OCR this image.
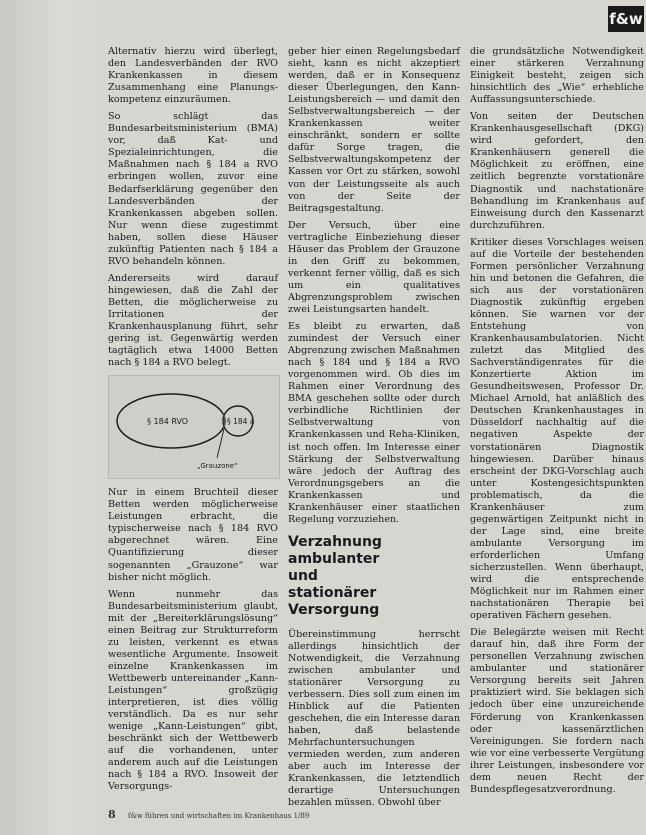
f&w

Alternativ hierzu wird überlegt, den Landesverbänden der RVO Krankenkassen in diesem Zusammenhang eine Planungs-kompetenz einzuräumen.

So schlägt das Bundesarbeitsministerium (BMA) vor, daß Kat- und Spezialeinrichtungen, die Maßnahmen nach § 184 a RVO erbringen wollen, zuvor eine Bedarfserklärung gegenüber den Landesverbänden der Krankenkassen abgeben sollen. Nur wenn diese zugestimmt haben, sollen diese Häuser zukünftig Patienten nach § 184 a RVO behandeln können.

Andererseits wird darauf hingewiesen, daß die Zahl der Betten, die möglicherweise zu Irritationen der Krankenhausplanung führt, sehr gering ist. Gegenwärtig werden tagtäglich etwa 14000 Betten nach § 184 a RVO belegt.

§ 184 RVO	§ 184 a
„Grauzone“

Nur in einem Bruchteil dieser Betten werden möglicherweise Leistungen erbracht, die typischerweise nach § 184 RVO abgerechnet wären. Eine Quantifizierung dieser sogenannten „Grauzone“ war bisher nicht möglich.

Wenn nunmehr das Bundesarbeitsministerium glaubt, mit der „Bereiterklärungslösung“ einen Beitrag zur Strukturreform zu leisten, verkennt es etwas wesentliche Argumente. Insoweit einzelne Krankenkassen im Wettbewerb untereinander „Kann-Leistungen“ großzügig interpretieren, ist dies völlig verständlich. Da es nur sehr wenige „Kann-Leistungen“ gibt, beschränkt sich der Wettbewerb auf die vorhandenen, unter anderem auch auf die Leistungen nach § 184 a RVO. Insoweit der Versorgungs-

geber hier einen Regelungsbedarf sieht, kann es nicht akzeptiert werden, daß er in Konsequenz dieser Überlegungen, den Kann-Leistungsbereich — und damit den Selbstverwaltungsbereich — der Krankenkassen weiter einschränkt, sondern er sollte dafür Sorge tragen, die Selbstverwaltungskompetenz der Kassen vor Ort zu stärken, sowohl von der Leistungsseite als auch von der Seite der Beitragsgestaltung.

Der Versuch, über eine vertragliche Einbeziehung dieser Häuser das Problem der Grauzone in den Griff zu bekommen, verkennt ferner völlig, daß es sich um ein qualitatives Abgrenzungsproblem zwischen zwei Leistungsarten handelt.

Es bleibt zu erwarten, daß zumindest der Versuch einer Abgrenzung zwischen Maßnahmen nach § 184 und § 184 a RVO vorgenommen wird. Ob dies im Rahmen einer Verordnung des BMA geschehen sollte oder durch verbindliche Richtlinien der Selbstverwaltung von Krankenkassen und Reha-Kliniken, ist noch offen. Im Interesse einer Stärkung der Selbstverwaltung wäre jedoch der Auftrag des Verordnungsgebers an die Krankenkassen und Krankenhäuser einer staatlichen Regelung vorzuziehen.

Verzahnung ambulanter
und
stationärer Versorgung

Übereinstimmung herrscht allerdings hinsichtlich der Notwendigkeit, die Verzahnung zwischen ambulanter und stationärer Versorgung zu verbessern. Dies soll zum einen im Hinblick auf die Patienten geschehen, die ein Interesse daran haben, daß belastende Mehrfachuntersuchungen vermieden werden, zum anderen aber auch im Interesse der Krankenkassen, die letztendlich derartige Untersuchungen bezahlen müssen. Obwohl über

die grundsätzliche Notwendigkeit einer stärkeren Verzahnung Einigkeit besteht, zeigen sich hinsichtlich des „Wie“ erhebliche Auffassungsunterschiede.

Von seiten der Deutschen Krankenhausgesellschaft (DKG) wird gefordert, den Krankenhäusern generell die Möglichkeit zu eröffnen, eine zeitlich begrenzte vorstationäre Diagnostik und nachstationäre Behandlung im Krankenhaus auf Einweisung durch den Kassenarzt durchzuführen.

Kritiker dieses Vorschlages weisen auf die Vorteile der bestehenden Formen persönlicher Verzahnung hin und betonen die Gefahren, die sich aus der vorstationären Diagnostik zukünftig ergeben können. Sie warnen vor der Entstehung von Krankenhausambulatorien. Nicht zuletzt das Mitglied des Sachverständigenrates für die Konzertierte Aktion im Gesundheitswesen, Professor Dr. Michael Arnold, hat anläßlich des Deutschen Krankenhaustages in Düsseldorf nachhaltig auf die negativen Aspekte der vorstationären Diagnostik hingewiesen. Darüber hinaus erscheint der DKG-Vorschlag auch unter Kostengesichtspunkten problematisch, da die Krankenhäuser zum gegenwärtigen Zeitpunkt nicht in der Lage sind, eine breite ambulante Versorgung im erforderlichen Umfang sicherzustellen. Wenn überhaupt, wird die entsprechende Möglichkeit nur im Rahmen einer nachstationären Therapie bei operativen Fächern gesehen.

Die Belegärzte weisen mit Recht darauf hin, daß ihre Form der personellen Verzahnung zwischen ambulanter und stationärer Versorgung bereits seit Jahren praktiziert wird. Sie beklagen sich jedoch über eine unzureichende Förderung von Krankenkassen oder kassenärztlichen Vereinigungen. Sie fordern nach wie vor eine verbesserte Vergütung ihrer Leistungen, insbesondere vor dem neuen Recht der Bundespflegesatzverordnung.

8 f&w führen und wirtschaften im Krankenhaus 1/89
